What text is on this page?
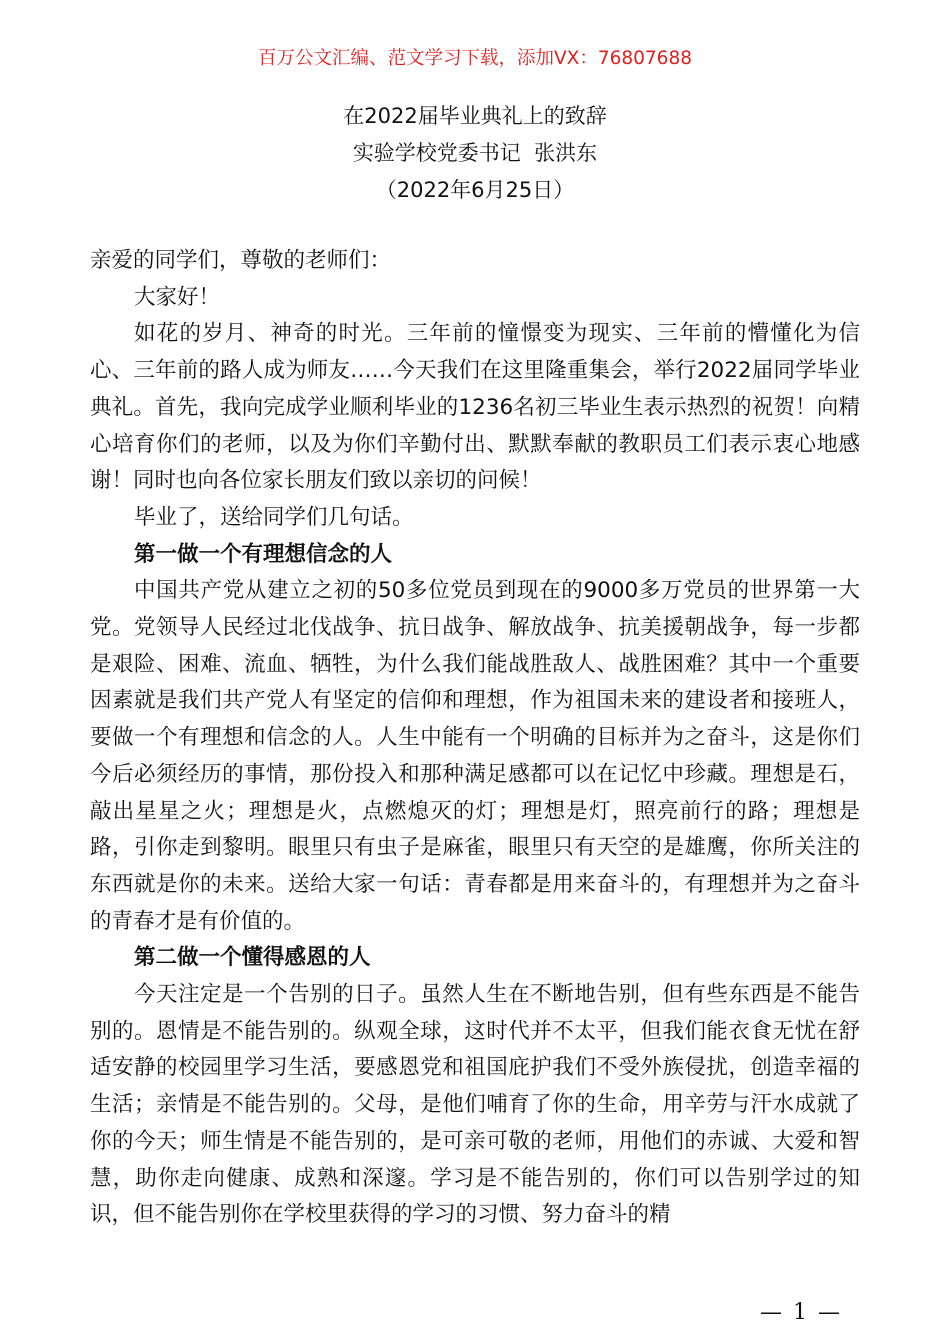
百万公文汇编、范文学习下载，添加VX：76807688
在2022届毕业典礼上的致辞
实验学校党委书记  张洪东
（2022年6月25日）

亲爱的同学们，尊敬的老师们：

大家好！

如花的岁月、神奇的时光。三年前的憧憬变为现实、三年前的懵懂化为信心、三年前的路人成为师友……今天我们在这里隆重集会，举行2022届同学毕业典礼。首先，我向完成学业顺利毕业的1236名初三毕业生表示热烈的祝贺！向精心培育你们的老师，以及为你们辛勤付出、默默奉献的教职员工们表示衷心地感谢！同时也向各位家长朋友们致以亲切的问候！

毕业了，送给同学们几句话。

第一做一个有理想信念的人

中国共产党从建立之初的50多位党员到现在的9000多万党员的世界第一大党。党领导人民经过北伐战争、抗日战争、解放战争、抗美援朝战争，每一步都是艰险、困难、流血、牺牲，为什么我们能战胜敌人、战胜困难？其中一个重要因素就是我们共产党人有坚定的信仰和理想，作为祖国未来的建设者和接班人，要做一个有理想和信念的人。人生中能有一个明确的目标并为之奋斗，这是你们今后必须经历的事情，那份投入和那种满足感都可以在记忆中珍藏。理想是石，敲出星星之火；理想是火，点燃熄灭的灯；理想是灯，照亮前行的路；理想是路，引你走到黎明。眼里只有虫子是麻雀，眼里只有天空的是雄鹰，你所关注的东西就是你的未来。送给大家一句话：青春都是用来奋斗的，有理想并为之奋斗的青春才是有价值的。

第二做一个懂得感恩的人

今天注定是一个告别的日子。虽然人生在不断地告别，但有些东西是不能告别的。恩情是不能告别的。纵观全球，这时代并不太平，但我们能衣食无忧在舒适安静的校园里学习生活，要感恩党和祖国庇护我们不受外族侵扰，创造幸福的生活；亲情是不能告别的。父母，是他们哺育了你的生命，用辛劳与汗水成就了你的今天；师生情是不能告别的，是可亲可敬的老师，用他们的赤诚、大爱和智慧，助你走向健康、成熟和深邃。学习是不能告别的，你们可以告别学过的知识，但不能告别你在学校里获得的学习的习惯、努力奋斗的精

— 1 —
